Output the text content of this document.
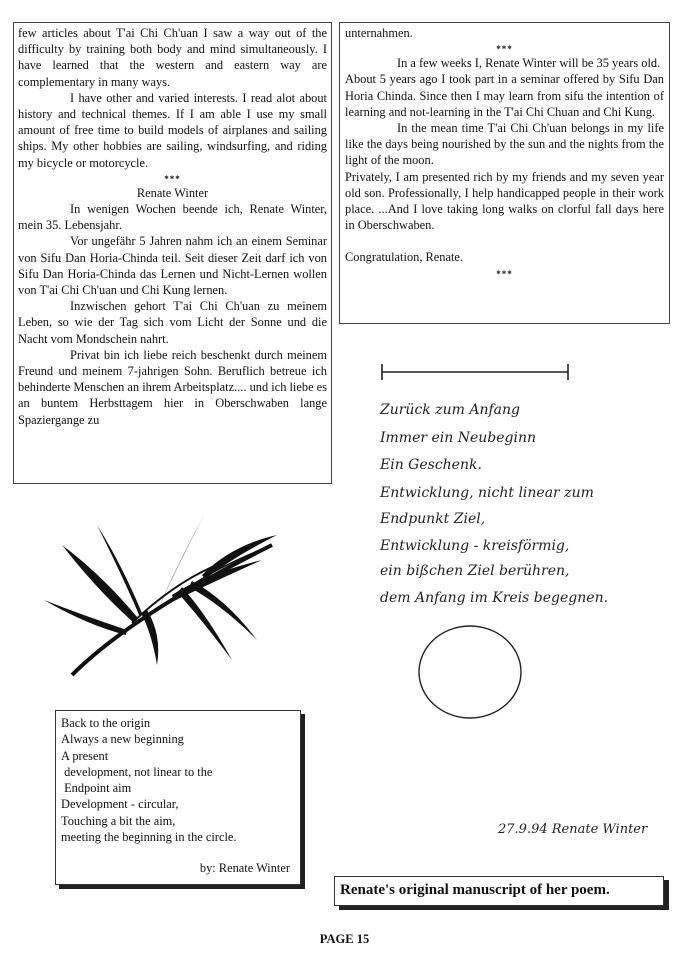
few articles about T'ai Chi Ch'uan I saw a way out of the difficulty by training both body and mind simultaneously. I have learned that the western and eastern way are complementary in many ways.

I have other and varied interests. I read alot about history and technical themes. If I am able I use my small amount of free time to build models of airplanes and sailing ships. My other hobbies are sailing, windsurfing, and riding my bicycle or motorcycle.

***

Renate Winter

In wenigen Wochen beende ich, Renate Winter, mein 35. Lebensjahr.

Vor ungefähr 5 Jahren nahm ich an einem Seminar von Sifu Dan Horia-Chinda teil. Seit dieser Zeit darf ich von Sifu Dan Horia-Chinda das Lernen und Nicht-Lernen wollen von T'ai Chi Ch'uan und Chi Kung lernen.

Inzwischen gehort T'ai Chi Ch'uan zu meinem Leben, so wie der Tag sich vom Licht der Sonne und die Nacht vom Mondschein nahrt.

Privat bin ich liebe reich beschenkt durch meinem Freund und meinem 7-jahrigen Sohn. Beruflich betreue ich behinderte Menschen an ihrem Arbeitsplatz.... und ich liebe es an buntem Herbsttagem hier in Oberschwaben lange Spaziergange zu

unternahmen.

***

In a few weeks I, Renate Winter will be 35 years old.

About 5 years ago I took part in a seminar offered by Sifu Dan Horia Chinda. Since then I may learn from sifu the intention of learning and not-learning in the T'ai Chi Chuan and Chi Kung.

In the mean time T'ai Chi Ch'uan belongs in my life like the days being nourished by the sun and the nights from the light of the moon.

Privately, I am presented rich by my friends and my seven year old son. Professionally, I help handicapped people in their work place. ...And I love taking long walks on clorful fall days here in Oberschwaben.

Congratulation, Renate.

***

Back to the origin

Always a new beginning

A present

development, not linear to the

Endpoint aim

Development - circular,

Touching a bit the aim,

meeting the beginning in the circle.

by: Renate Winter
Zurück zum Anfang
Immer ein Neubeginn
Ein Geschenk.
Entwicklung, nicht linear zum
Endpunkt Ziel,
Entwicklung - kreisförmig,
ein bißchen Ziel berühren,
dem Anfang im Kreis begegnen.
27.9.94 Renate Winter
Renate's original manuscript of her poem.
PAGE 15
